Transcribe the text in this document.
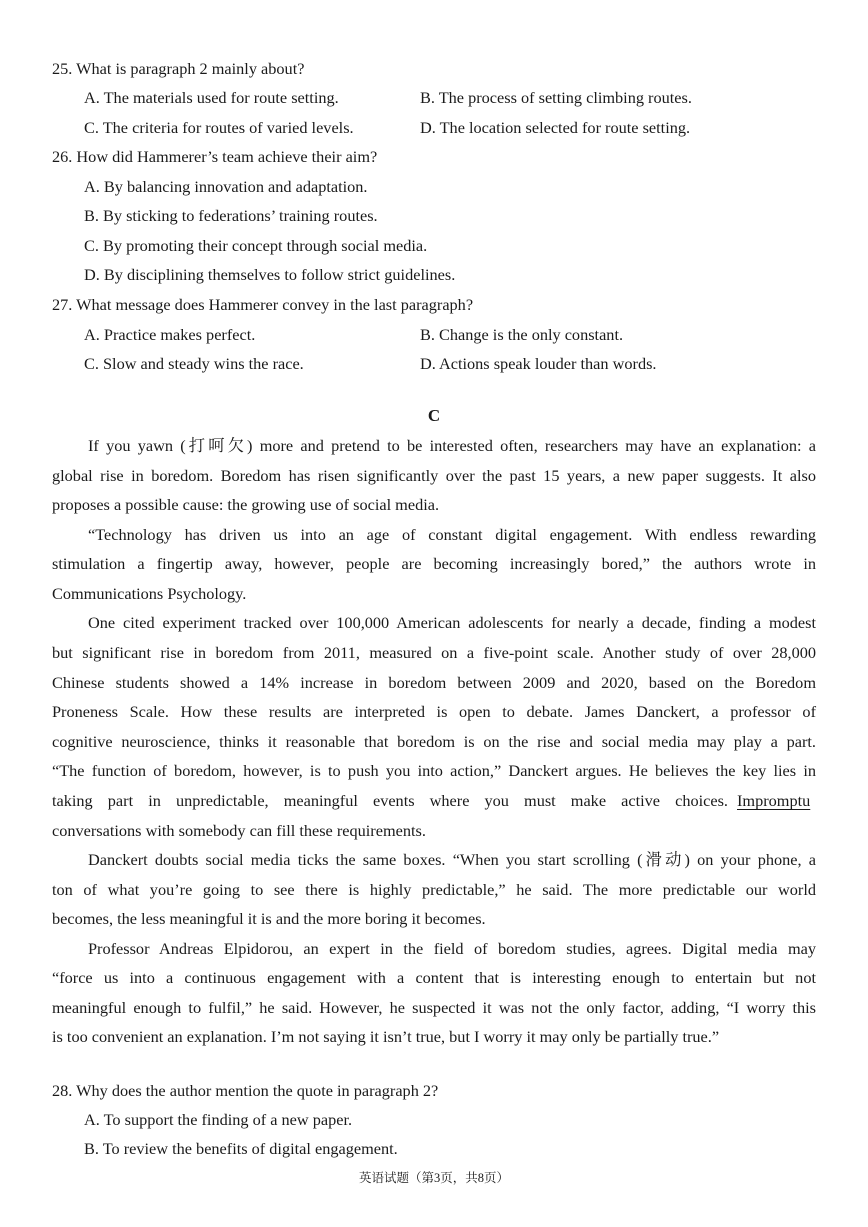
25. What is paragraph 2 mainly about?
A. The materials used for route setting.	B. The process of setting climbing routes.
C. The criteria for routes of varied levels.	D. The location selected for route setting.
26. How did Hammerer’s team achieve their aim?
A. By balancing innovation and adaptation.
B. By sticking to federations’ training routes.
C. By promoting their concept through social media.
D. By disciplining themselves to follow strict guidelines.
27. What message does Hammerer convey in the last paragraph?
A. Practice makes perfect.	B. Change is the only constant.
C. Slow and steady wins the race.	D. Actions speak louder than words.
C
If you yawn (打呵欠) more and pretend to be interested often, researchers may have an explanation: a
global rise in boredom. Boredom has risen significantly over the past 15 years, a new paper suggests. It also
proposes a possible cause: the growing use of social media.
“Technology has driven us into an age of constant digital engagement. With endless rewarding
stimulation a fingertip away, however, people are becoming increasingly bored,” the authors wrote in
Communications Psychology.
One cited experiment tracked over 100,000 American adolescents for nearly a decade, finding a modest
but significant rise in boredom from 2011, measured on a five-point scale. Another study of over 28,000
Chinese students showed a 14% increase in boredom between 2009 and 2020, based on the Boredom
Proneness Scale. How these results are interpreted is open to debate. James Danckert, a professor of
cognitive neuroscience, thinks it reasonable that boredom is on the rise and social media may play a part.
“The function of boredom, however, is to push you into action,” Danckert argues. He believes the key lies in
taking part in unpredictable, meaningful events where you must make active choices. Impromptu
conversations with somebody can fill these requirements.
Danckert doubts social media ticks the same boxes. “When you start scrolling (滑动) on your phone, a
ton of what you’re going to see there is highly predictable,” he said. The more predictable our world
becomes, the less meaningful it is and the more boring it becomes.
Professor Andreas Elpidorou, an expert in the field of boredom studies, agrees. Digital media may
“force us into a continuous engagement with a content that is interesting enough to entertain but not
meaningful enough to fulfil,” he said. However, he suspected it was not the only factor, adding, “I worry this
is too convenient an explanation. I’m not saying it isn’t true, but I worry it may only be partially true.”
28. Why does the author mention the quote in paragraph 2?
A. To support the finding of a new paper.
B. To review the benefits of digital engagement.
英语试题（第3页，共8页）
